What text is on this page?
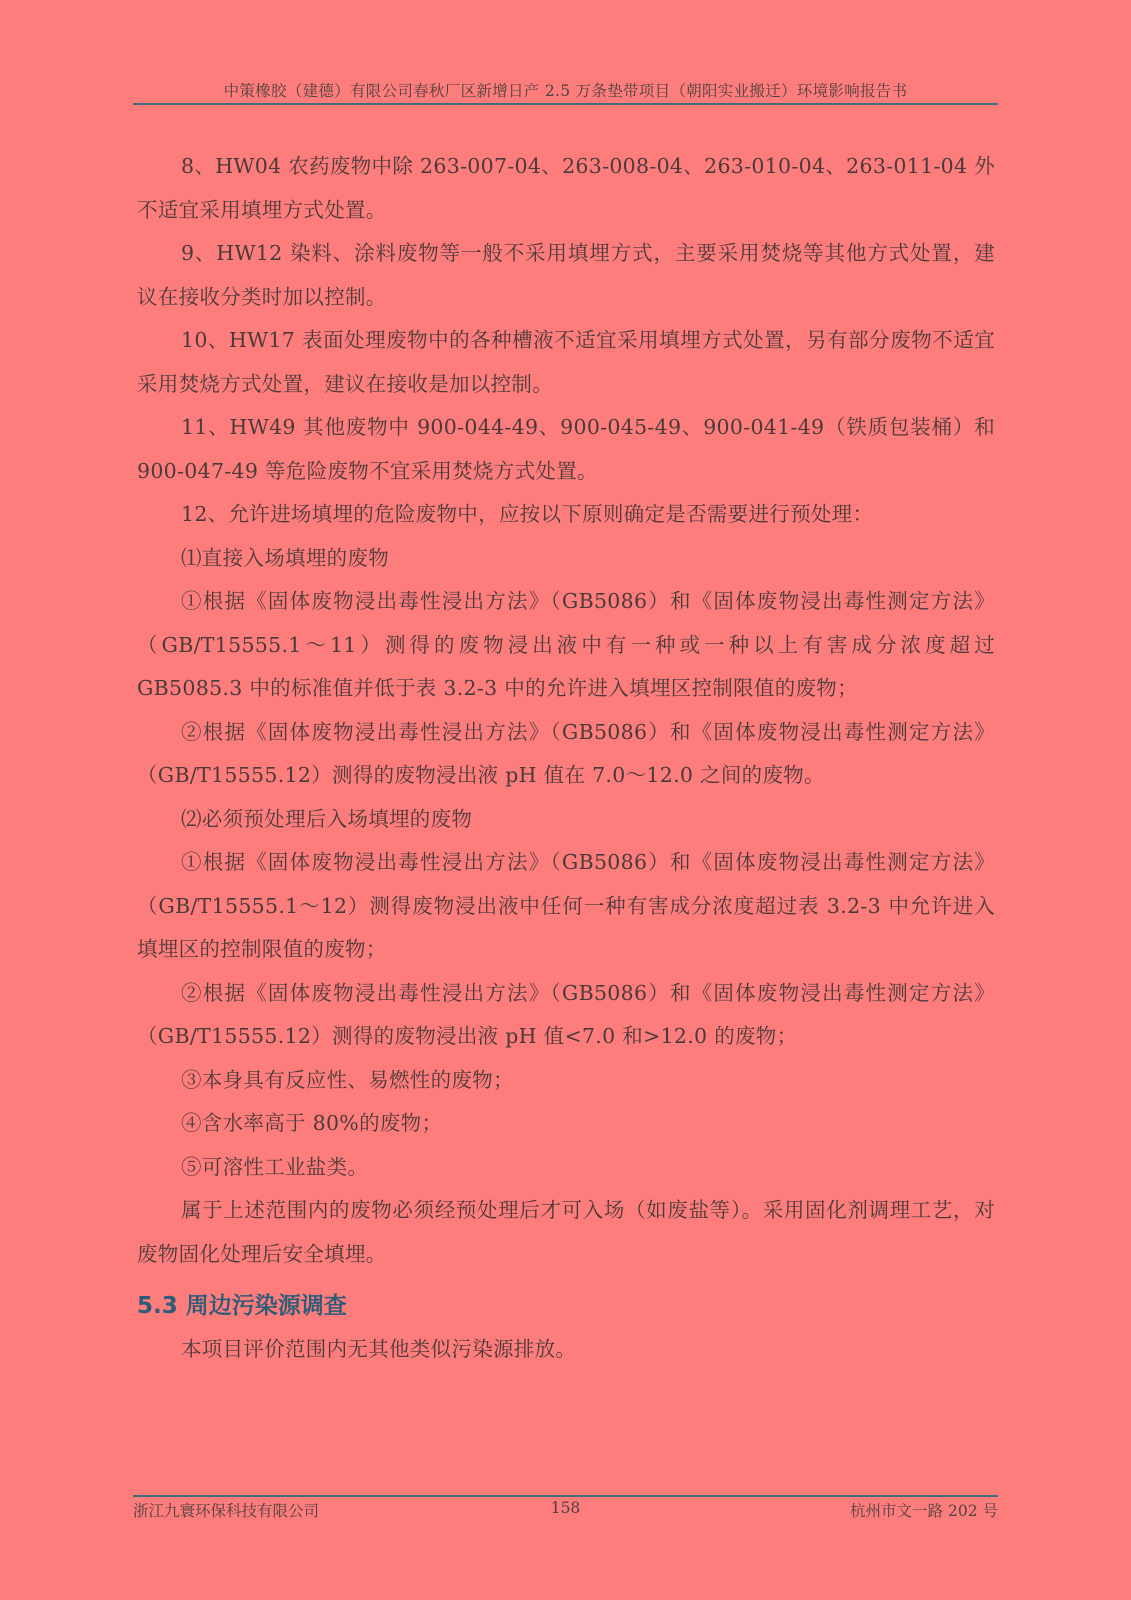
中策橡胶（建德）有限公司春秋厂区新增日产 2.5 万条垫带项目（朝阳实业搬迁）环境影响报告书

8、HW04 农药废物中除 263-007-04、263-008-04、263-010-04、263-011-04 外不适宜采用填埋方式处置。

9、HW12 染料、涂料废物等一般不采用填埋方式，主要采用焚烧等其他方式处置，建议在接收分类时加以控制。

10、HW17 表面处理废物中的各种槽液不适宜采用填埋方式处置，另有部分废物不适宜采用焚烧方式处置，建议在接收是加以控制。

11、HW49 其他废物中 900-044-49、900-045-49、900-041-49（铁质包装桶）和 900-047-49 等危险废物不宜采用焚烧方式处置。

12、允许进场填埋的危险废物中，应按以下原则确定是否需要进行预处理：

⑴直接入场填埋的废物

①根据《固体废物浸出毒性浸出方法》（GB5086）和《固体废物浸出毒性测定方法》（GB/T15555.1～11）测得的废物浸出液中有一种或一种以上有害成分浓度超过 GB5085.3 中的标准值并低于表 3.2-3 中的允许进入填埋区控制限值的废物；

②根据《固体废物浸出毒性浸出方法》（GB5086）和《固体废物浸出毒性测定方法》（GB/T15555.12）测得的废物浸出液 pH 值在 7.0～12.0 之间的废物。

⑵必须预处理后入场填埋的废物

①根据《固体废物浸出毒性浸出方法》（GB5086）和《固体废物浸出毒性测定方法》（GB/T15555.1～12）测得废物浸出液中任何一种有害成分浓度超过表 3.2-3 中允许进入填埋区的控制限值的废物；

②根据《固体废物浸出毒性浸出方法》（GB5086）和《固体废物浸出毒性测定方法》（GB/T15555.12）测得的废物浸出液 pH 值<7.0 和>12.0 的废物；

③本身具有反应性、易燃性的废物；

④含水率高于 80%的废物；

⑤可溶性工业盐类。

属于上述范围内的废物必须经预处理后才可入场（如废盐等）。采用固化剂调理工艺，对废物固化处理后安全填埋。

5.3 周边污染源调查

本项目评价范围内无其他类似污染源排放。

浙江九寰环保科技有限公司	158	杭州市文一路 202 号
